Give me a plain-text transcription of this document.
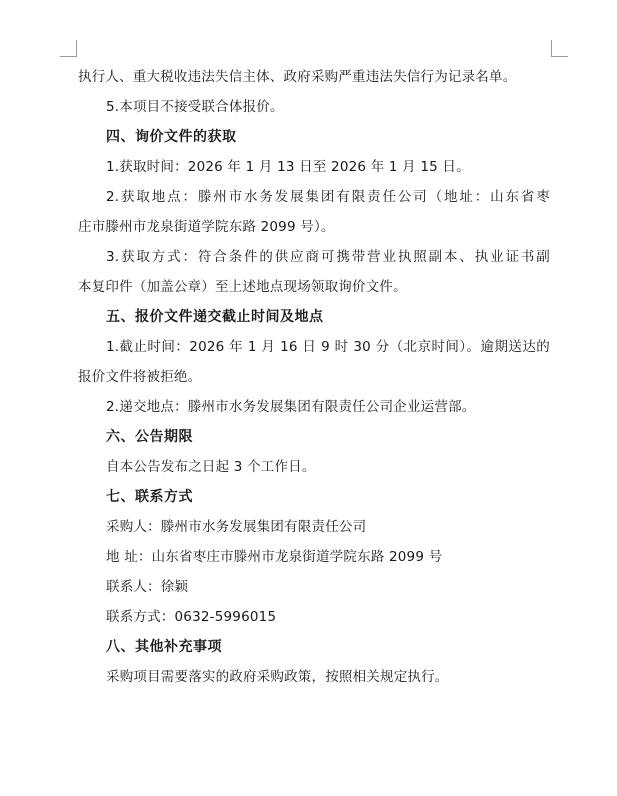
执行人、重大税收违法失信主体、政府采购严重违法失信行为记录名单。
5.本项目不接受联合体报价。
四、询价文件的获取
1.获取时间：2026 年 1 月 13 日至 2026 年 1 月 15 日。
2.获取地点：滕州市水务发展集团有限责任公司（地址：山东省枣
庄市滕州市龙泉街道学院东路 2099 号）。
3.获取方式：符合条件的供应商可携带营业执照副本、执业证书副
本复印件（加盖公章）至上述地点现场领取询价文件。
五、报价文件递交截止时间及地点
1.截止时间：2026 年 1 月 16 日 9 时 30 分（北京时间）。逾期送达的
报价文件将被拒绝。
2.递交地点：滕州市水务发展集团有限责任公司企业运营部。
六、公告期限
自本公告发布之日起 3 个工作日。
七、联系方式
采购人：滕州市水务发展集团有限责任公司
地 址：山东省枣庄市滕州市龙泉街道学院东路 2099 号
联系人：徐颖
联系方式：0632-5996015
八、其他补充事项
采购项目需要落实的政府采购政策，按照相关规定执行。
